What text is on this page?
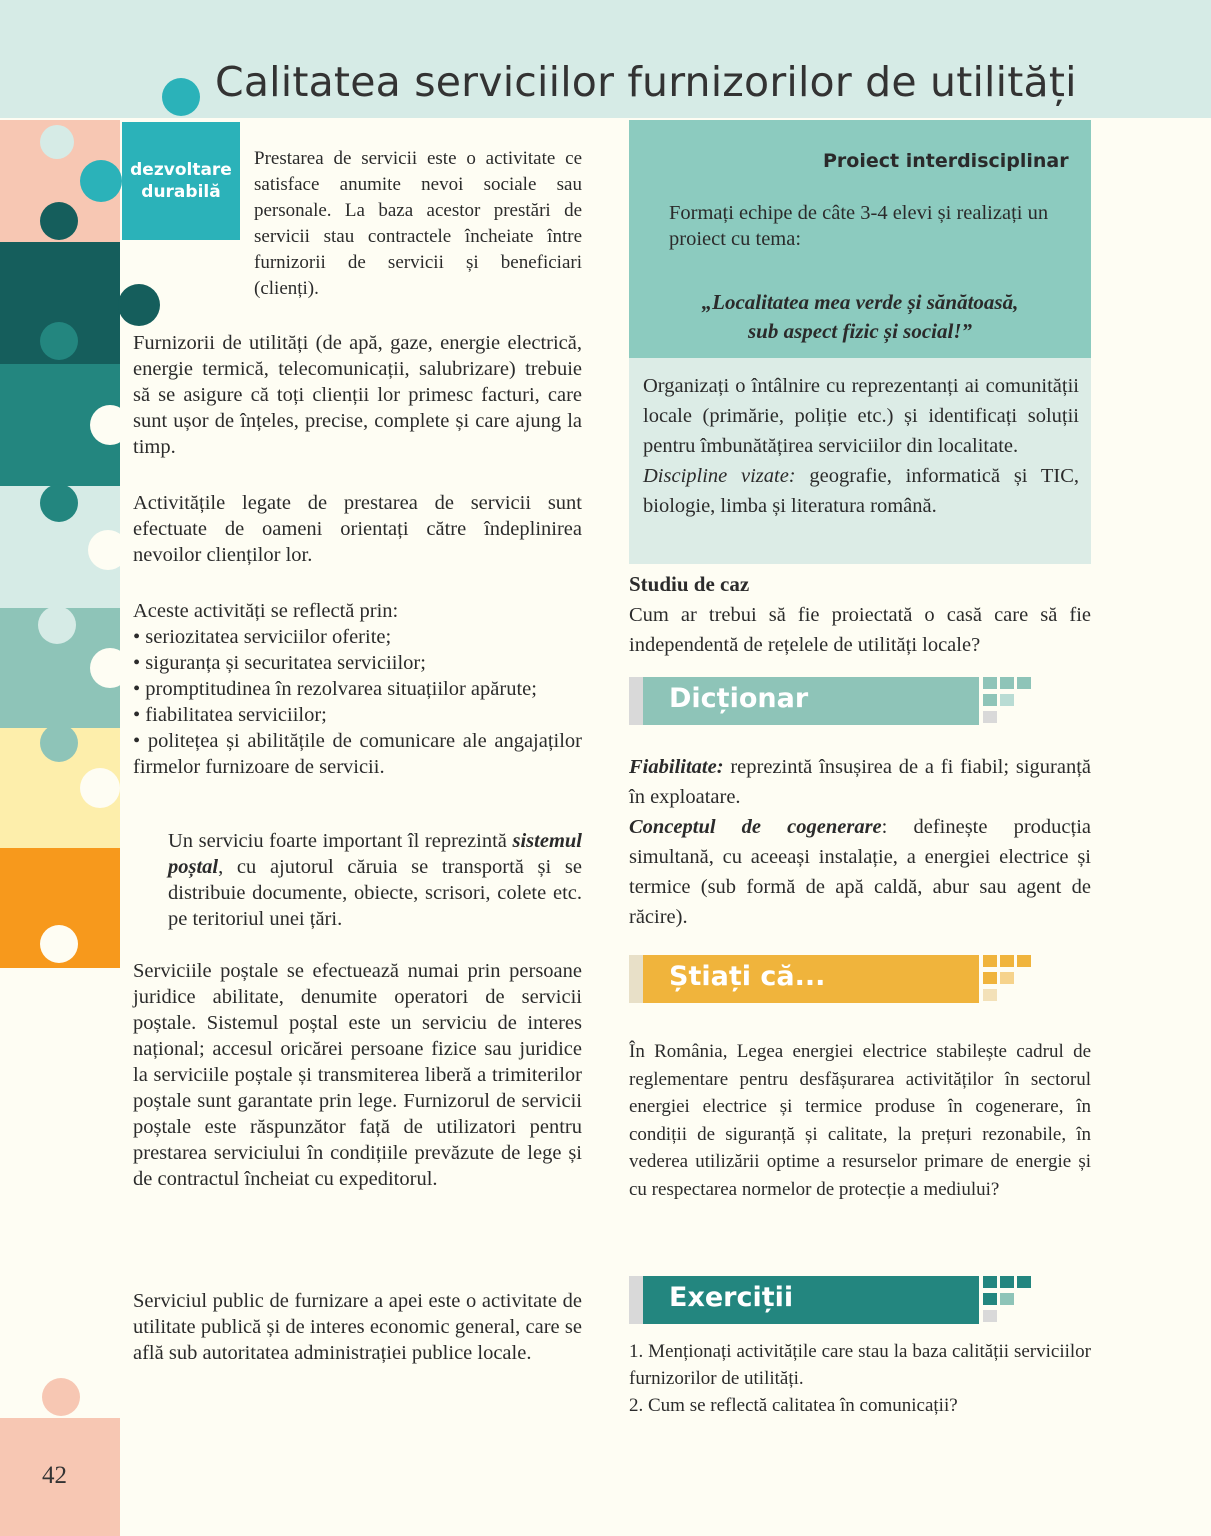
Calitatea serviciilor furnizorilor de utilități
dezvoltare
durabilă
Prestarea de servicii este o activitate ce satisface anumite nevoi sociale sau personale. La baza acestor prestări de servicii stau contractele încheiate între furnizorii de servicii și beneficiari (clienți).
Furnizorii de utilități (de apă, gaze, energie electrică, energie termică, telecomunicații, salubrizare) trebuie să se asigure că toți clienții lor primesc facturi, care sunt ușor de înțeles, precise, complete și care ajung la timp.
Activitățile legate de prestarea de servicii sunt efectuate de oameni orientați către îndeplinirea nevoilor clienților lor.

Aceste activități se reflectă prin:

• seriozitatea serviciilor oferite;

• siguranța și securitatea serviciilor;

• promptitudinea în rezolvarea situațiilor apărute;

• fiabilitatea serviciilor;

• politețea și abilitățile de comunicare ale angajaților firmelor furnizoare de servicii.

Un serviciu foarte important îl reprezintă sistemul poștal, cu ajutorul căruia se transportă și se distribuie documente, obiecte, scrisori, colete etc. pe teritoriul unei țări.
Serviciile poștale se efectuează numai prin persoane juridice abilitate, denumite operatori de servicii poștale. Sistemul poștal este un serviciu de interes național; accesul oricărei persoane fizice sau juridice la serviciile poștale și transmiterea liberă a trimiterilor poștale sunt garantate prin lege. Furnizorul de servicii poștale este răspunzător față de utilizatori pentru prestarea serviciului în condițiile prevăzute de lege și de contractul încheiat cu expeditorul.
Serviciul public de furnizare a apei este o activitate de utilitate publică și de interes economic general, care se află sub autoritatea administrației publice locale.
42
Proiect interdisciplinar
Formați echipe de câte 3-4 elevi și realizați un proiect cu tema:
„Localitatea mea verde și sănătoasă,
sub aspect fizic și social!”

Organizați o întâlnire cu reprezentanți ai comunității locale (primărie, poliție etc.) și identificați soluții pentru îmbunătățirea serviciilor din localitate.

Discipline vizate: geografie, informatică și TIC, biologie, limba și literatura română.

Studiu de caz
Cum ar trebui să fie proiectată o casă care să fie independentă de rețelele de utilități locale?
Dicționar

Fiabilitate: reprezintă însușirea de a fi fiabil; siguranță în exploatare.

Conceptul de cogenerare: definește producția simultană, cu aceeași instalație, a energiei electrice și termice (sub formă de apă caldă, abur sau agent de răcire).

Știați că...
În România, Legea energiei electrice stabilește cadrul de reglementare pentru desfășurarea activităților în sectorul energiei electrice și termice produse în cogenerare, în condiții de siguranță și calitate, la prețuri rezonabile, în vederea utilizării optime a resurselor primare de energie și cu respectarea normelor de protecție a mediului?
Exerciții

1. Menționați activitățile care stau la baza calității serviciilor furnizorilor de utilități.

2. Cum se reflectă calitatea în comunicații?
